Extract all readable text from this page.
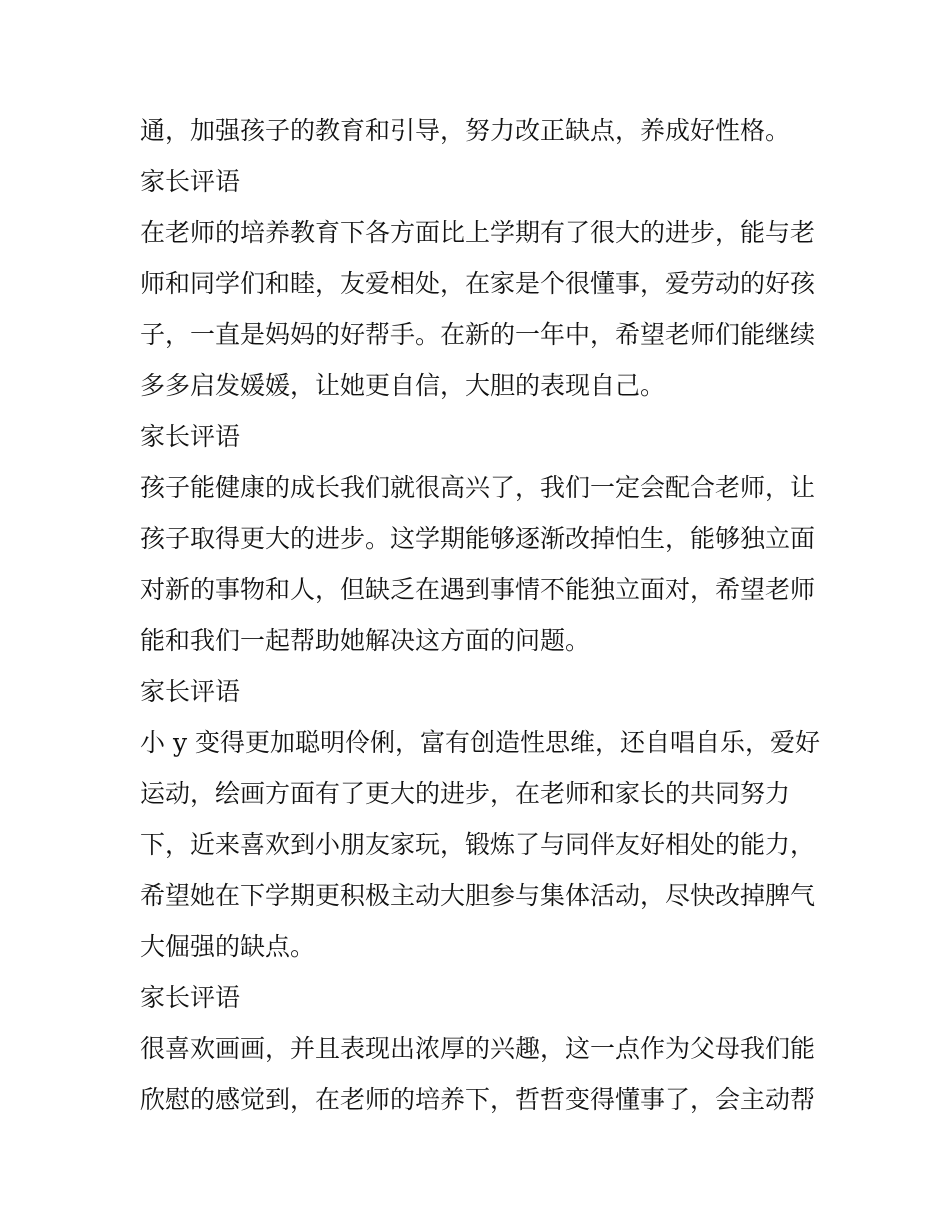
通，加强孩子的教育和引导，努力改正缺点，养成好性格。
家长评语
在老师的培养教育下各方面比上学期有了很大的进步，能与老
师和同学们和睦，友爱相处，在家是个很懂事，爱劳动的好孩
子，一直是妈妈的好帮手。在新的一年中，希望老师们能继续
多多启发媛媛，让她更自信，大胆的表现自己。
家长评语
孩子能健康的成长我们就很高兴了，我们一定会配合老师，让
孩子取得更大的进步。这学期能够逐渐改掉怕生，能够独立面
对新的事物和人，但缺乏在遇到事情不能独立面对，希望老师
能和我们一起帮助她解决这方面的问题。
家长评语
小 y 变得更加聪明伶俐，富有创造性思维，还自唱自乐，爱好
运动，绘画方面有了更大的进步，在老师和家长的共同努力
下，近来喜欢到小朋友家玩，锻炼了与同伴友好相处的能力，
希望她在下学期更积极主动大胆参与集体活动，尽快改掉脾气
大倔强的缺点。
家长评语
很喜欢画画，并且表现出浓厚的兴趣，这一点作为父母我们能
欣慰的感觉到，在老师的培养下，哲哲变得懂事了，会主动帮
